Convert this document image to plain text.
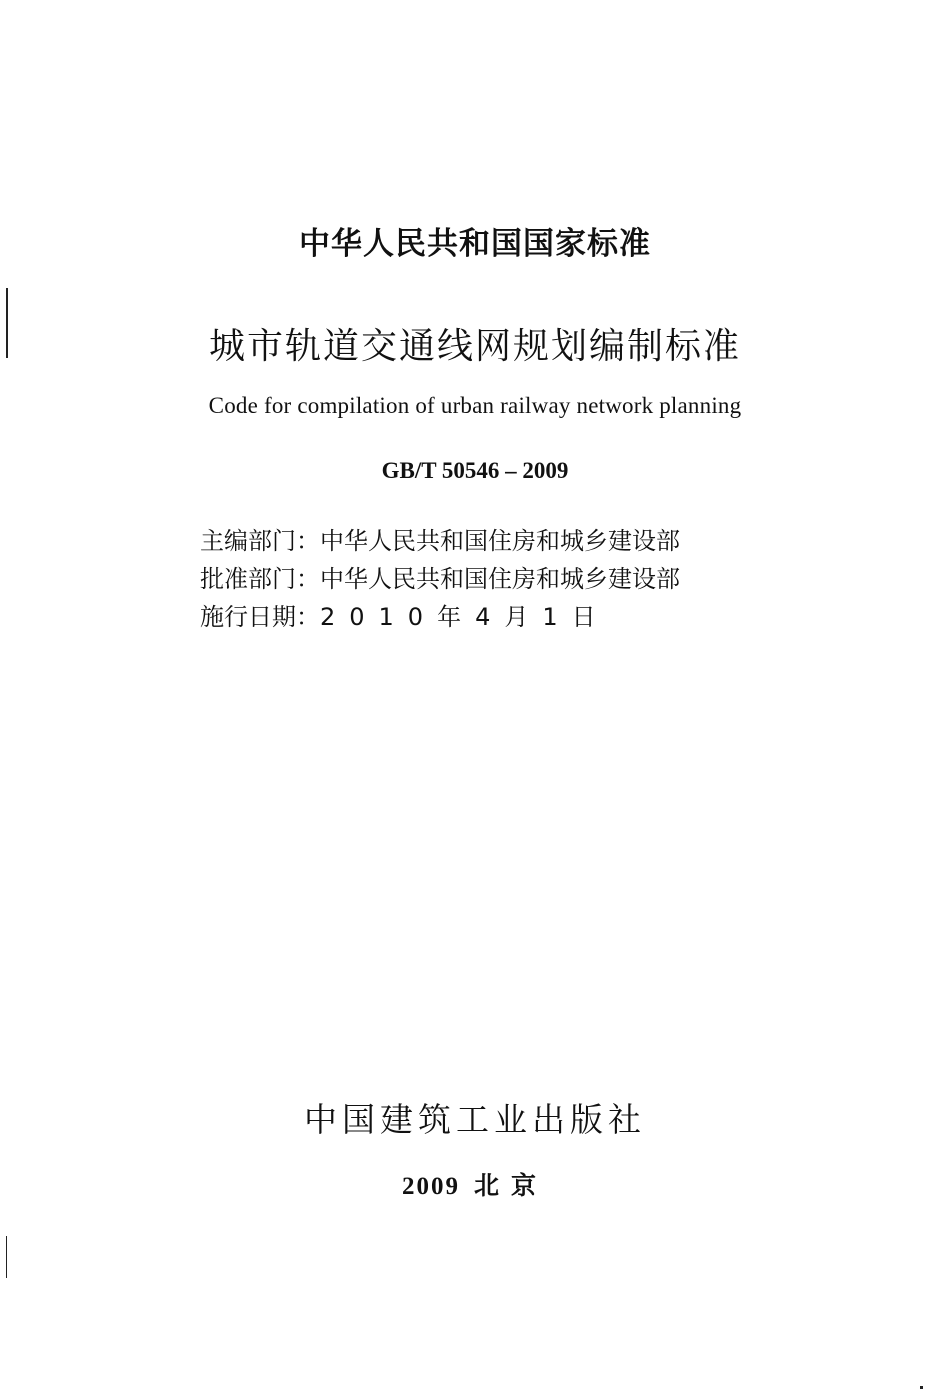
中华人民共和国国家标准
城市轨道交通线网规划编制标准
Code for compilation of urban railway network planning
GB/T 50546 – 2009
主编部门：中华人民共和国住房和城乡建设部
批准部门：中华人民共和国住房和城乡建设部
施行日期：2010年4月1日
中国建筑工业出版社
2009 北京
